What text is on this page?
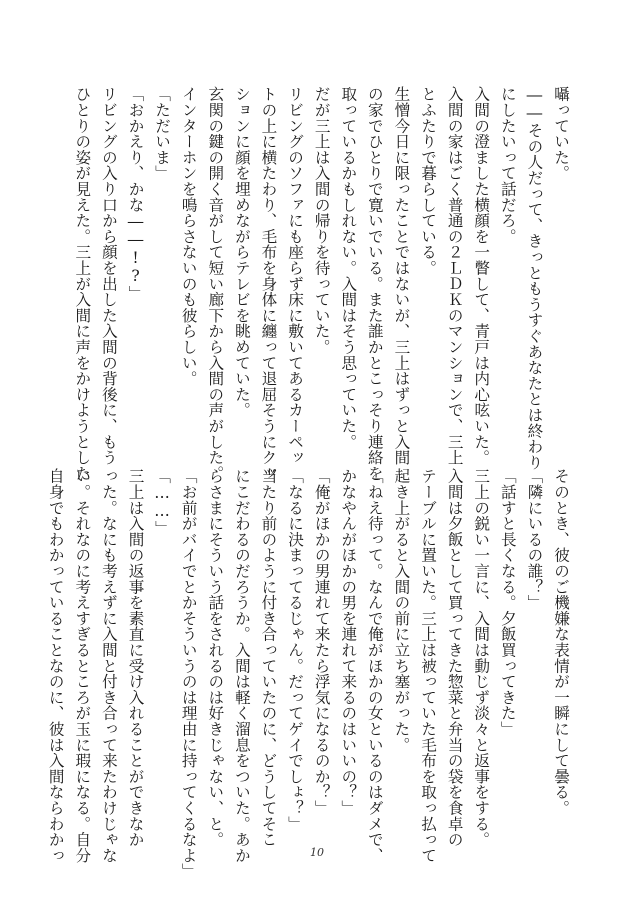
囁っていた。
――その人だって、きっともうすぐあなたとは終わり
にしたいって話だろ。
入間の澄ました横顔を一瞥して、青戸は内心呟いた。
入間の家はごく普通の２ＬＤＫのマンションで、三上
とふたりで暮らしている。
生憎今日に限ったことではないが、三上はずっと入間
の家でひとりで寛いでいる。また誰かとこっそり連絡を
取っているかもしれない。入間はそう思っていた。
だが三上は入間の帰りを待っていた。
リビングのソファにも座らず床に敷いてあるカーペッ
トの上に横たわり、毛布を身体に纏って退屈そうにクッ
ションに顔を埋めながらテレビを眺めていた。
玄関の鍵の開く音がして短い廊下から入間の声がした。
インターホンを鳴らさないのも彼らしい。
「ただいま」
「おかえり、かな――!?」
リビングの入り口から顔を出した入間の背後に、もう
ひとりの姿が見えた。三上が入間に声をかけようとした
そのとき、彼のご機嫌な表情が一瞬にして曇る。
「隣にいるの誰？」
「話すと長くなる。夕飯買ってきた」
三上の鋭い一言に、入間は動じず淡々と返事をする。
入間は夕飯として買ってきた惣菜と弁当の袋を食卓の
テーブルに置いた。三上は被っていた毛布を取っ払って
起き上がると入間の前に立ち塞がった。
「ねえ待って。なんで俺がほかの女といるのはダメで、
かなやんがほかの男を連れて来るのはいいの？」
「俺がほかの男連れて来たら浮気になるのか？」
「なるに決まってるじゃん。だってゲイでしょ？」
当たり前のように付き合っていたのに、どうしてそこ
にこだわるのだろうか。入間は軽く溜息をついた。あか
らさまにそういう話をされるのは好きじゃない、と。
「お前がバイでとかそういうのは理由に持ってくるなよ」
「……」
三上は入間の返事を素直に受け入れることができなか
った。なにも考えずに入間と付き合って来たわけじゃな
い。それなのに考えすぎるところが玉に瑕になる。自分
自身でもわかっていることなのに、彼は入間ならわかっ	10
